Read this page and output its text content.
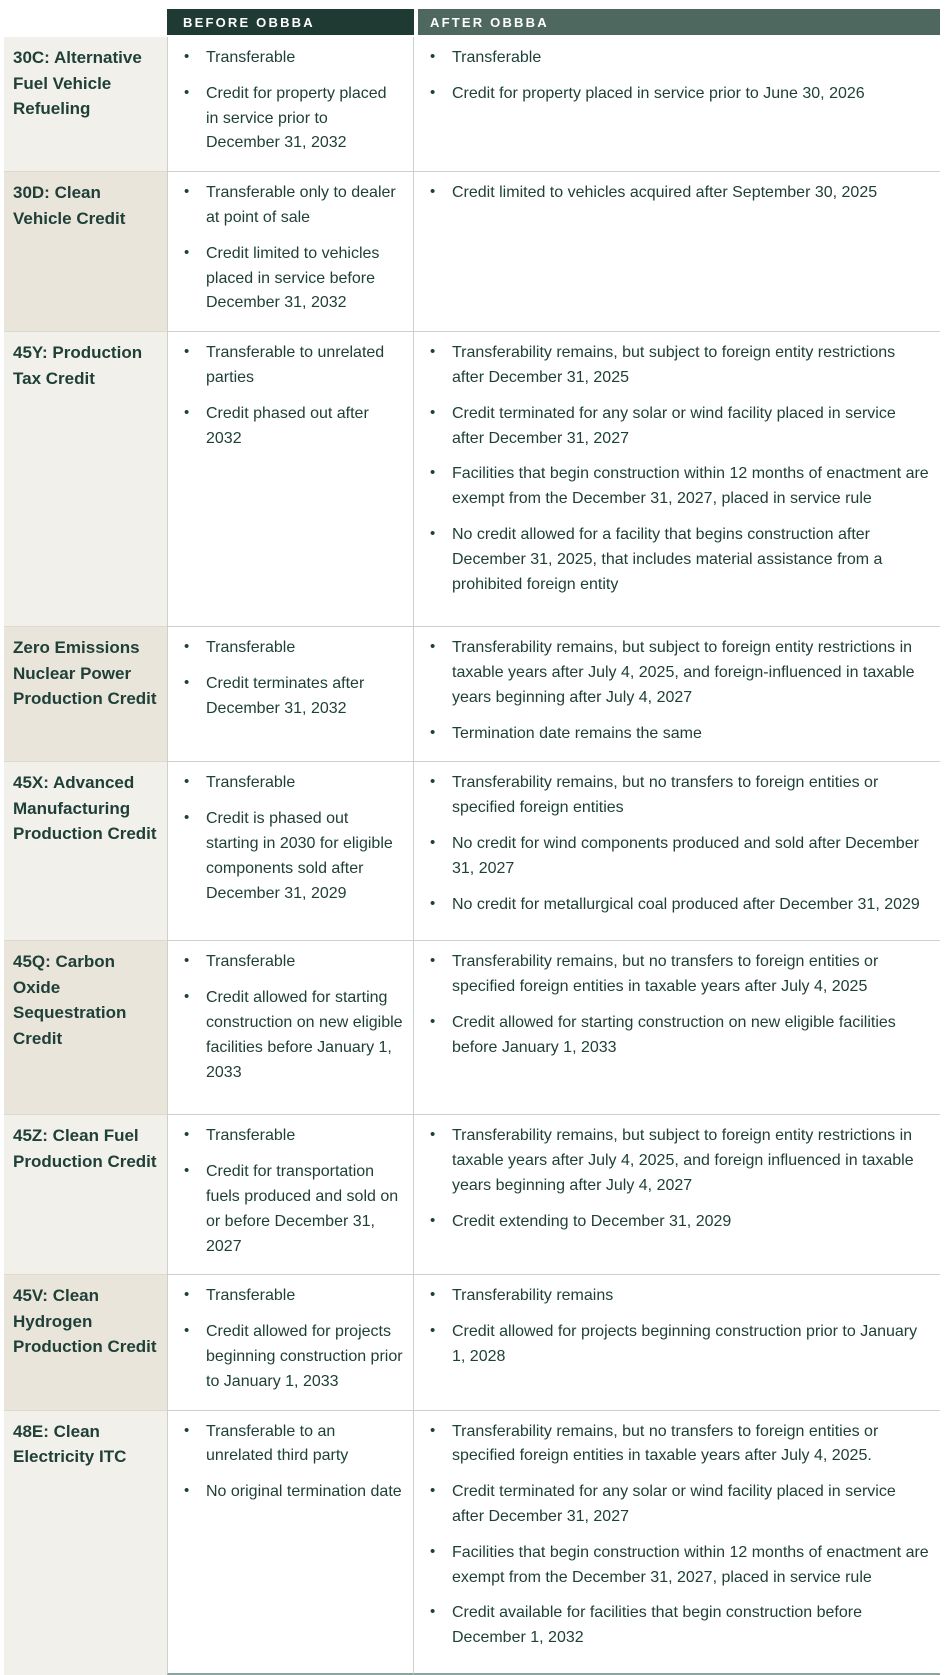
BEFORE OBBBA	AFTER OBBBA
30C: Alternative Fuel Vehicle Refueling
• Transferable
• Credit for property placed in service prior to December 31, 2032
• Transferable
• Credit for property placed in service prior to June 30, 2026
30D: Clean Vehicle Credit
• Transferable only to dealer at point of sale
• Credit limited to vehicles placed in service before December 31, 2032
• Credit limited to vehicles acquired after September 30, 2025
45Y: Production Tax Credit
• Transferable to unrelated parties
• Credit phased out after 2032
• Transferability remains, but subject to foreign entity restrictions after December 31, 2025
• Credit terminated for any solar or wind facility placed in service after December 31, 2027
• Facilities that begin construction within 12 months of enactment are exempt from the December 31, 2027, placed in service rule
• No credit allowed for a facility that begins construction after December 31, 2025, that includes material assistance from a prohibited foreign entity
Zero Emissions Nuclear Power Production Credit
• Transferable
• Credit terminates after December 31, 2032
• Transferability remains, but subject to foreign entity restrictions in taxable years after July 4, 2025, and foreign-influenced in taxable years beginning after July 4, 2027
• Termination date remains the same
45X: Advanced Manufacturing Production Credit
• Transferable
• Credit is phased out starting in 2030 for eligible components sold after December 31, 2029
• Transferability remains, but no transfers to foreign entities or specified foreign entities
• No credit for wind components produced and sold after December 31, 2027
• No credit for metallurgical coal produced after December 31, 2029
45Q: Carbon Oxide Sequestration Credit
• Transferable
• Credit allowed for starting construction on new eligible facilities before January 1, 2033
• Transferability remains, but no transfers to foreign entities or specified foreign entities in taxable years after July 4, 2025
• Credit allowed for starting construction on new eligible facilities before January 1, 2033
45Z: Clean Fuel Production Credit
• Transferable
• Credit for transportation fuels produced and sold on or before December 31, 2027
• Transferability remains, but subject to foreign entity restrictions in taxable years after July 4, 2025, and foreign influenced in taxable years beginning after July 4, 2027
• Credit extending to December 31, 2029
45V: Clean Hydrogen Production Credit
• Transferable
• Credit allowed for projects beginning construction prior to January 1, 2033
• Transferability remains
• Credit allowed for projects beginning construction prior to January 1, 2028
48E: Clean Electricity ITC
• Transferable to an unrelated third party
• No original termination date
• Transferability remains, but no transfers to foreign entities or specified foreign entities in taxable years after July 4, 2025.
• Credit terminated for any solar or wind facility placed in service after December 31, 2027
• Facilities that begin construction within 12 months of enactment are exempt from the December 31, 2027, placed in service rule
• Credit available for facilities that begin construction before December 1, 2032
